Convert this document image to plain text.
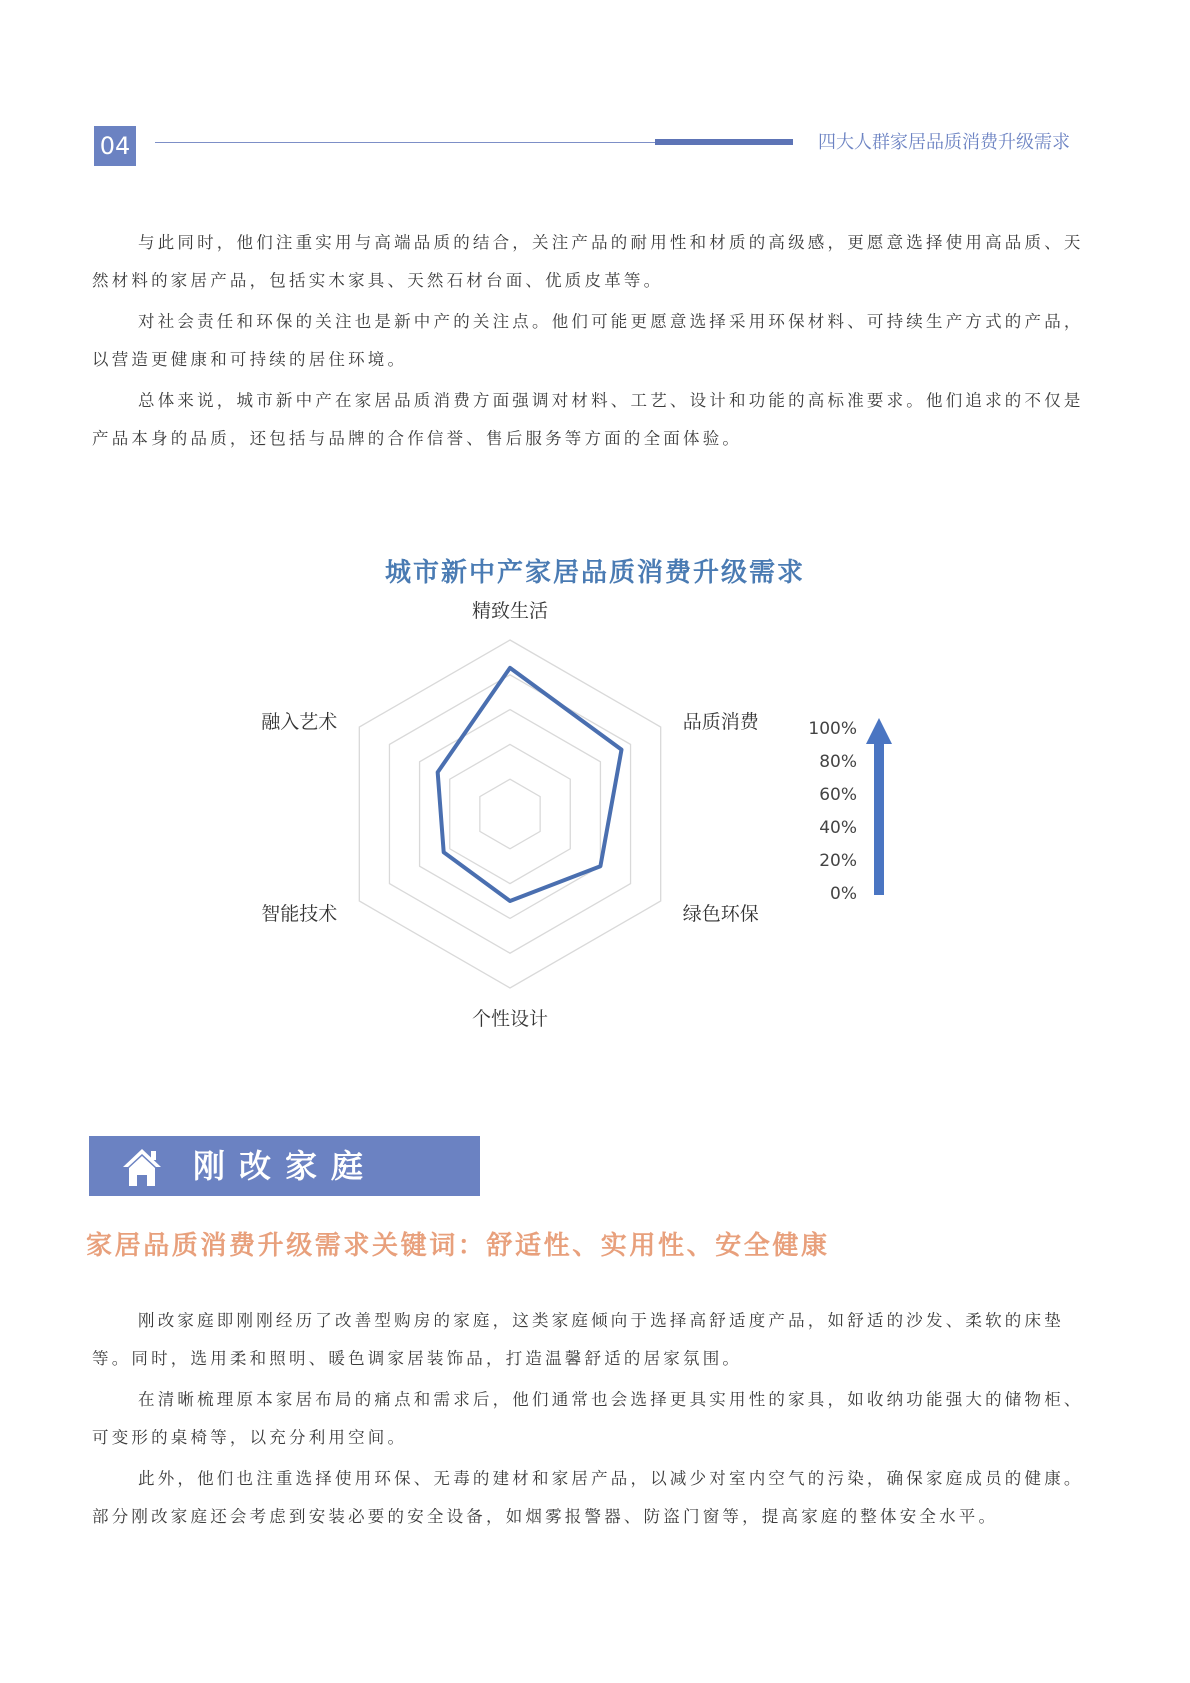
04	四大人群家居品质消费升级需求

与此同时，他们注重实用与高端品质的结合，关注产品的耐用性和材质的高级感，更愿意选择使用高品质、天然材料的家居产品，包括实木家具、天然石材台面、优质皮革等。

对社会责任和环保的关注也是新中产的关注点。他们可能更愿意选择采用环保材料、可持续生产方式的产品，以营造更健康和可持续的居住环境。

总体来说，城市新中产在家居品质消费方面强调对材料、工艺、设计和功能的高标准要求。他们追求的不仅是产品本身的品质，还包括与品牌的合作信誉、售后服务等方面的全面体验。

城市新中产家居品质消费升级需求
精致生活
品质消费
绿色环保
个性设计
智能技术
融入艺术	100%
80%
60%
40%
20%
0%
刚改家庭
家居品质消费升级需求关键词：舒适性、实用性、安全健康

刚改家庭即刚刚经历了改善型购房的家庭，这类家庭倾向于选择高舒适度产品，如舒适的沙发、柔软的床垫等。同时，选用柔和照明、暖色调家居装饰品，打造温馨舒适的居家氛围。

在清晰梳理原本家居布局的痛点和需求后，他们通常也会选择更具实用性的家具，如收纳功能强大的储物柜、可变形的桌椅等，以充分利用空间。

此外，他们也注重选择使用环保、无毒的建材和家居产品，以减少对室内空气的污染，确保家庭成员的健康。部分刚改家庭还会考虑到安装必要的安全设备，如烟雾报警器、防盗门窗等，提高家庭的整体安全水平。
